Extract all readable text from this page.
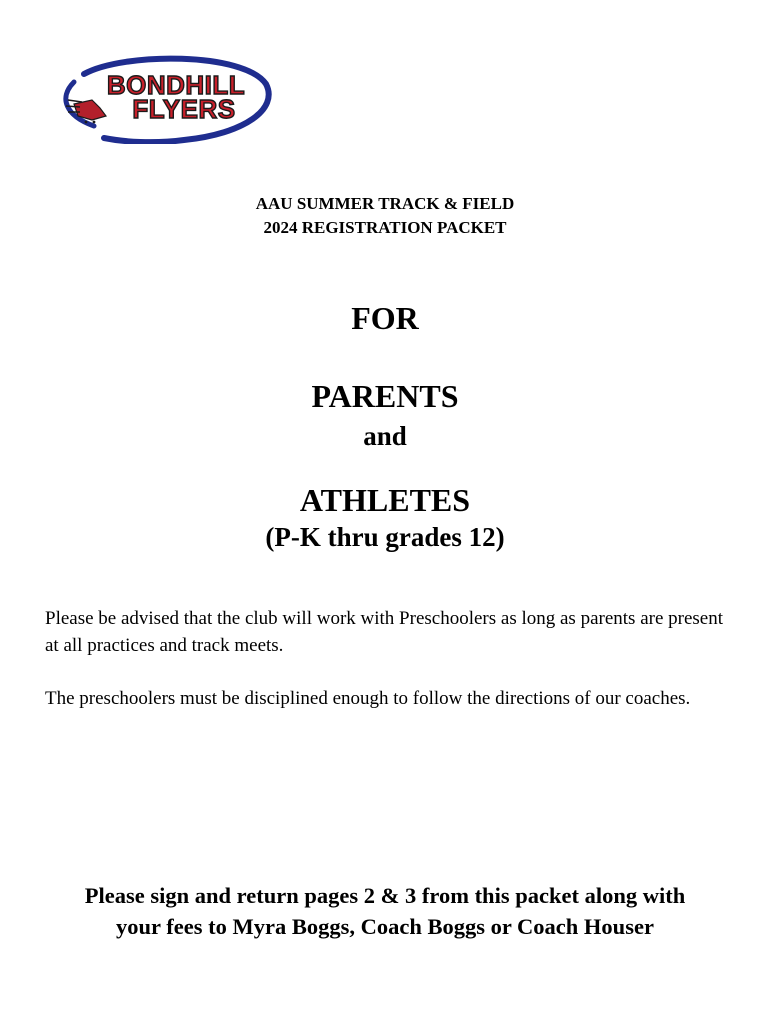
BONDHILL
FLYERS
AAU SUMMER TRACK & FIELD
2024 REGISTRATION PACKET
FOR
PARENTS
and
ATHLETES
(P-K thru grades 12)
Please be advised that the club will work with Preschoolers as long as parents are present at all practices and track meets.
The preschoolers must be disciplined enough to follow the directions of our coaches.
Please sign and return pages 2 & 3 from this packet along with
your fees to Myra Boggs, Coach Boggs or Coach Houser
